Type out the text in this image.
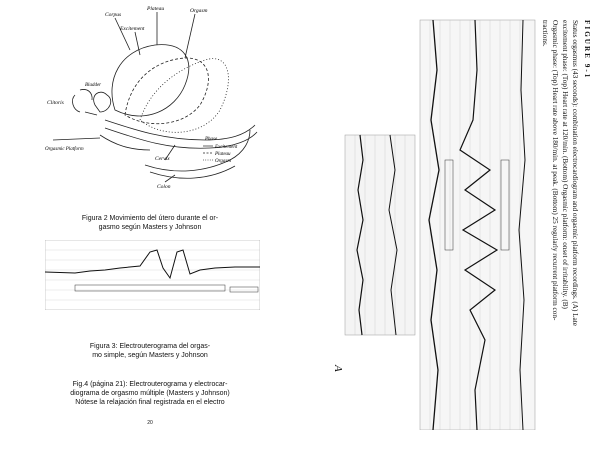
Corpus
Plateau	Orgasm
Excitement
Bladder
Clitoris
Orgasmic Platform
Cervix
Colon
Phase
Excitement
Plateau
Orgasm
Figura 2 Movimiento del útero durante el or-
gasmo según Masters y Johnson
Figura 3: Electrouterograma del orgas-
mo simple, según Masters y Johnson
Fig.4 (página 21): Electrouterograma y electrocar-
diograma de orgasmo múltiple (Masters y Johnson)
Nótese la relajación final registrada en el electro
20
A
FIGURE 9-1
Status orgasmus (43 seconds): combination electrocardiogram and orgasmic platform recordings. (A) Late
excitement phase: (Top) Heart rate at 120/min. (Bottom) Orgasmic platform: onset of irritability. (B)
Orgasmic phase: (Top) Heart rate above 180/min. at peak. (Bottom) 25 regularly recurrent platform con-
tractions.
